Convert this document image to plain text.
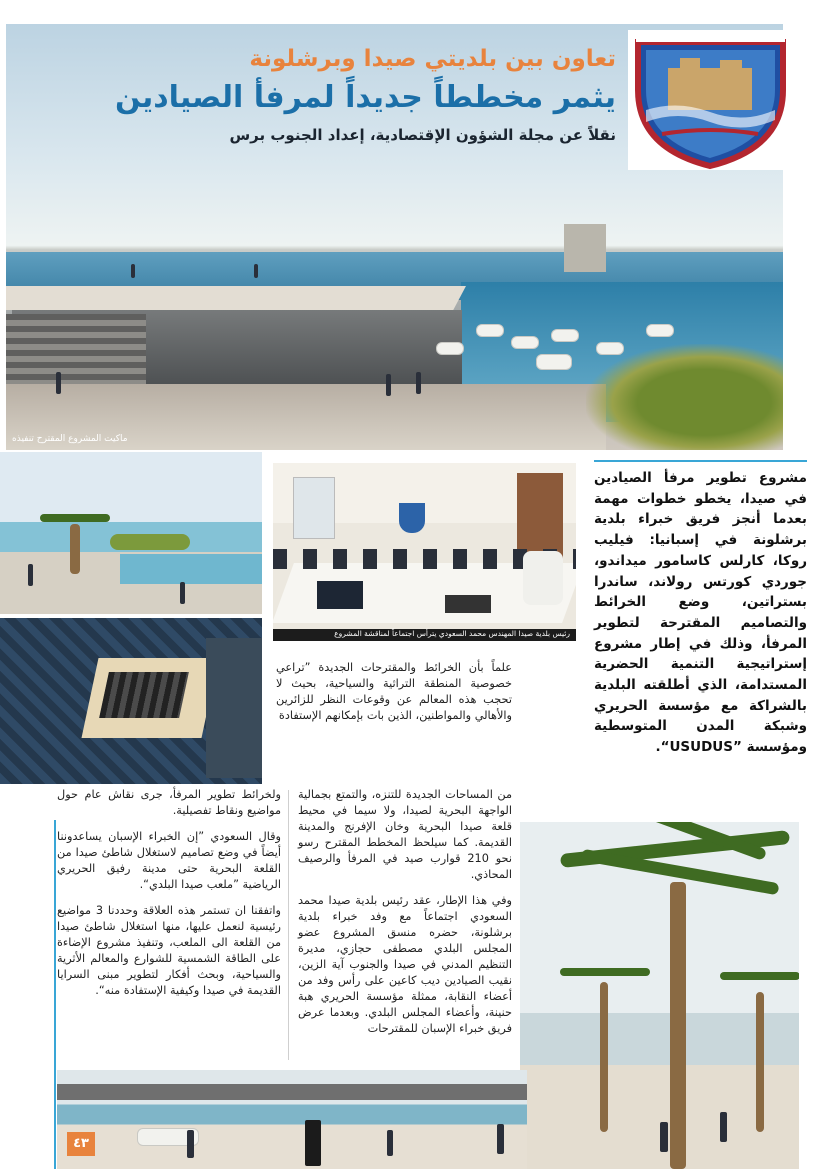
ماكيت المشروع المقترح تنفيذه
تعاون بين بلديتي صيدا وبرشلونة
يثمر مخططاً جديداً لمرفأ الصيادين
نقلاً عن مجلة الشؤون الإقتصادية، إعداد الجنوب برس
رئيس بلدية صيدا المهندس محمد السعودي يترأس اجتماعاً لمناقشة المشروع
مشروع تطوير مرفأ الصيادين في صيدا، يخطو خطوات مهمة بعدما أنجز فريق خبراء بلدية برشلونة في إسبانيا: فيليب روكا، كارلس كاسامور ميداندو، جوردي كورتس رولاند، ساندرا بستراتين، وضع الخرائط والتصاميم المقترحة لتطوير المرفأ، وذلك في إطار مشروع إستراتيجية التنمية الحضرية المستدامة، الذي أطلقته البلدية بالشراكة مع مؤسسة الحريري وشبكة المدن المتوسطية ومؤسسة ”USUDUS“.
علماً بأن الخرائط والمقترحات الجديدة ”تراعي خصوصية المنطقة التراثية والسياحية، بحيث لا تحجب هذه المعالم عن وقوعات النظر للزائرين والأهالي والمواطنين، الذين بات بإمكانهم الإستفادة

من المساحات الجديدة للتنزه، والتمتع بجمالية الواجهة البحرية لصيدا، ولا سيما في محيط قلعة صيدا البحرية وخان الإفرنج والمدينة القديمة. كما سيلحظ المخطط المقترح رسو نحو 210 قوارب صيد في المرفأ والرصيف المحاذي.

وفي هذا الإطار، عقد رئيس بلدية صيدا محمد السعودي اجتماعاً مع وفد خبراء بلدية برشلونة، حضره منسق المشروع عضو المجلس البلدي مصطفى حجازي، مديرة التنظيم المدني في صيدا والجنوب آية الزين، نقيب الصيادين ديب كاعين على رأس وفد من أعضاء النقابة، ممثلة مؤسسة الحريري هبة حنينة، وأعضاء المجلس البلدي. وبعدما عرض فريق خبراء الإسبان للمقترحات

ولخرائط تطوير المرفأ، جرى نقاش عام حول مواضيع ونقاط تفصيلية.

وقال السعودي ”إن الخبراء الإسبان يساعدوننا أيضاً في وضع تصاميم لاستغلال شاطئ صيدا من القلعة البحرية حتى مدينة رفيق الحريري الرياضية ”ملعب صيدا البلدي“.

واتفقنا ان تستمر هذه العلاقة وحددنا 3 مواضيع رئيسية لنعمل عليها، منها استغلال شاطئ صيدا من القلعة الى الملعب، وتنفيذ مشروع الإضاءة على الطاقة الشمسية للشوارع والمعالم الأثرية والسياحية، وبحث أفكار لتطوير مبنى السرايا القديمة في صيدا وكيفية الإستفادة منه“.

٤٣
